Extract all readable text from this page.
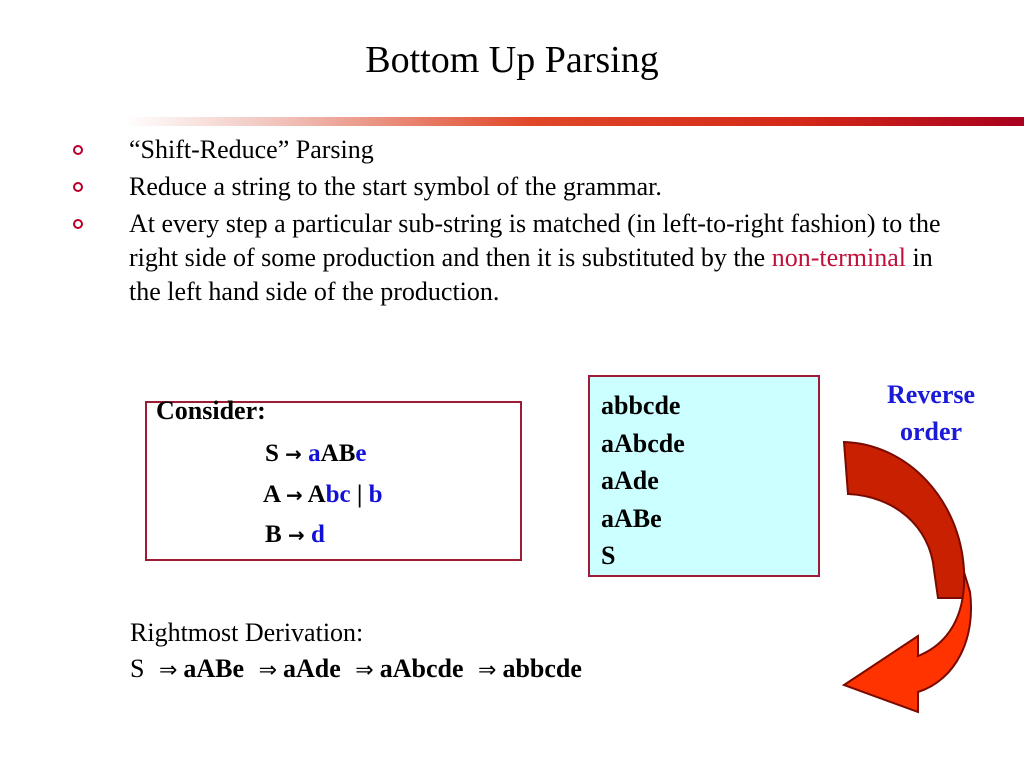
Bottom Up Parsing
“Shift-Reduce” Parsing
Reduce a string to the start symbol of the grammar.
At every step a particular sub-string is matched (in left-to-right fashion) to the right side of some production and then it is substituted by the non-terminal in the left hand side of the production.
Consider:
S → aABe
A → Abc | b
B → d
abbcde
aAbcde
aAde
aABe
S
Reverse
order
Rightmost Derivation:
S ⇒ aABe ⇒ aAde ⇒ aAbcde ⇒ abbcde
